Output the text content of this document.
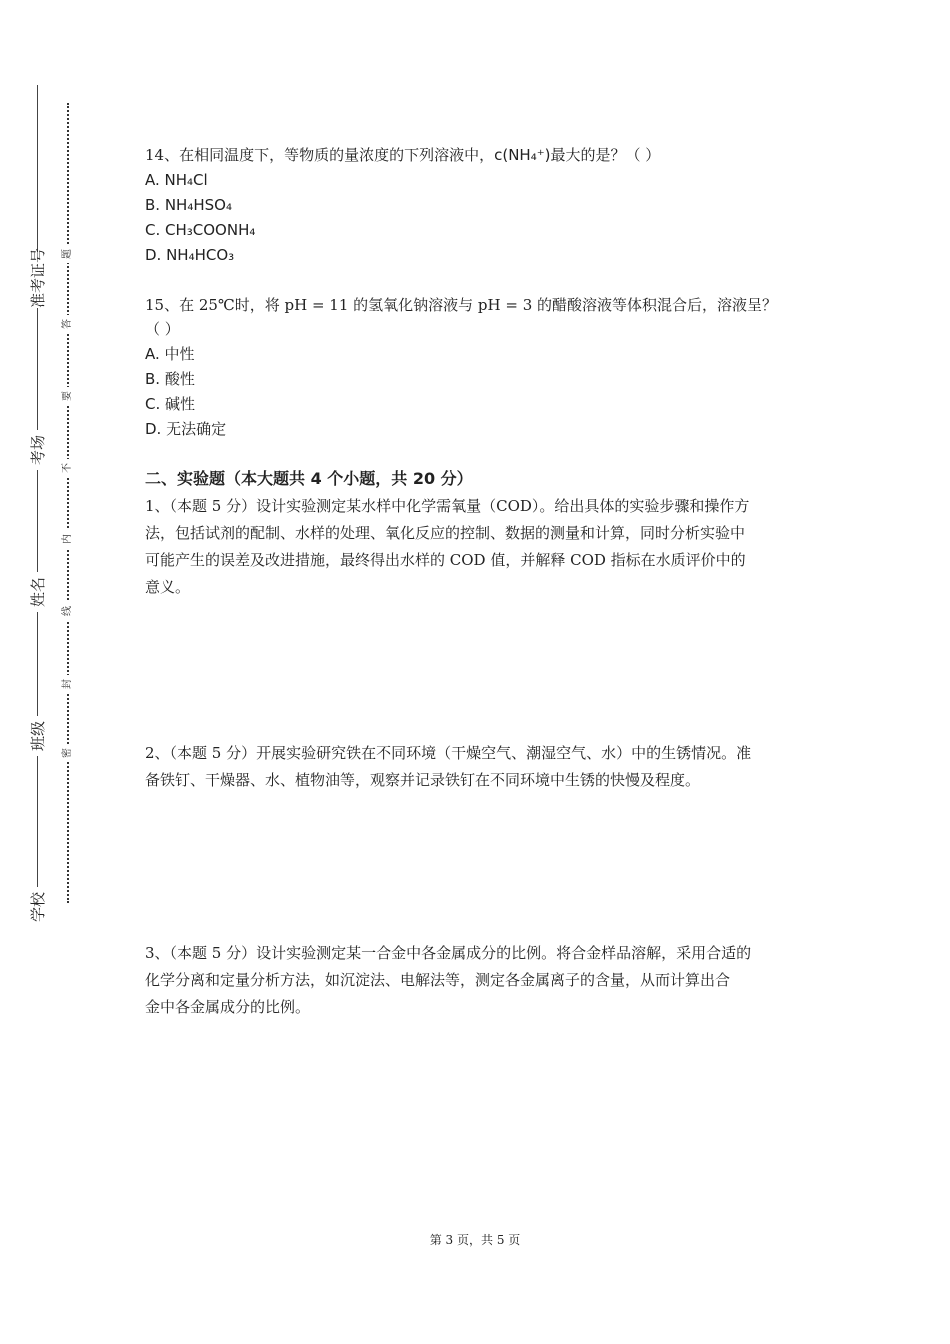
准考证号
考场
姓名
班级
学校
题
答
要
不
内
线
封
密
14、在相同温度下，等物质的量浓度的下列溶液中，c(NH₄⁺)最大的是？（ ）
A. NH₄Cl
B. NH₄HSO₄
C. CH₃COONH₄
D. NH₄HCO₃
15、在 25℃时，将 pH = 11 的氢氧化钠溶液与 pH = 3 的醋酸溶液等体积混合后，溶液呈？
（ ）
A. 中性
B. 酸性
C. 碱性
D. 无法确定
二、实验题（本大题共 4 个小题，共 20 分）
1、（本题 5 分）设计实验测定某水样中化学需氧量（COD）。给出具体的实验步骤和操作方
法，包括试剂的配制、水样的处理、氧化反应的控制、数据的测量和计算，同时分析实验中
可能产生的误差及改进措施，最终得出水样的 COD 值，并解释 COD 指标在水质评价中的
意义。
2、（本题 5 分）开展实验研究铁在不同环境（干燥空气、潮湿空气、水）中的生锈情况。准
备铁钉、干燥器、水、植物油等，观察并记录铁钉在不同环境中生锈的快慢及程度。
3、（本题 5 分）设计实验测定某一合金中各金属成分的比例。将合金样品溶解，采用合适的
化学分离和定量分析方法，如沉淀法、电解法等，测定各金属离子的含量，从而计算出合
金中各金属成分的比例。
第 3 页，共 5 页
